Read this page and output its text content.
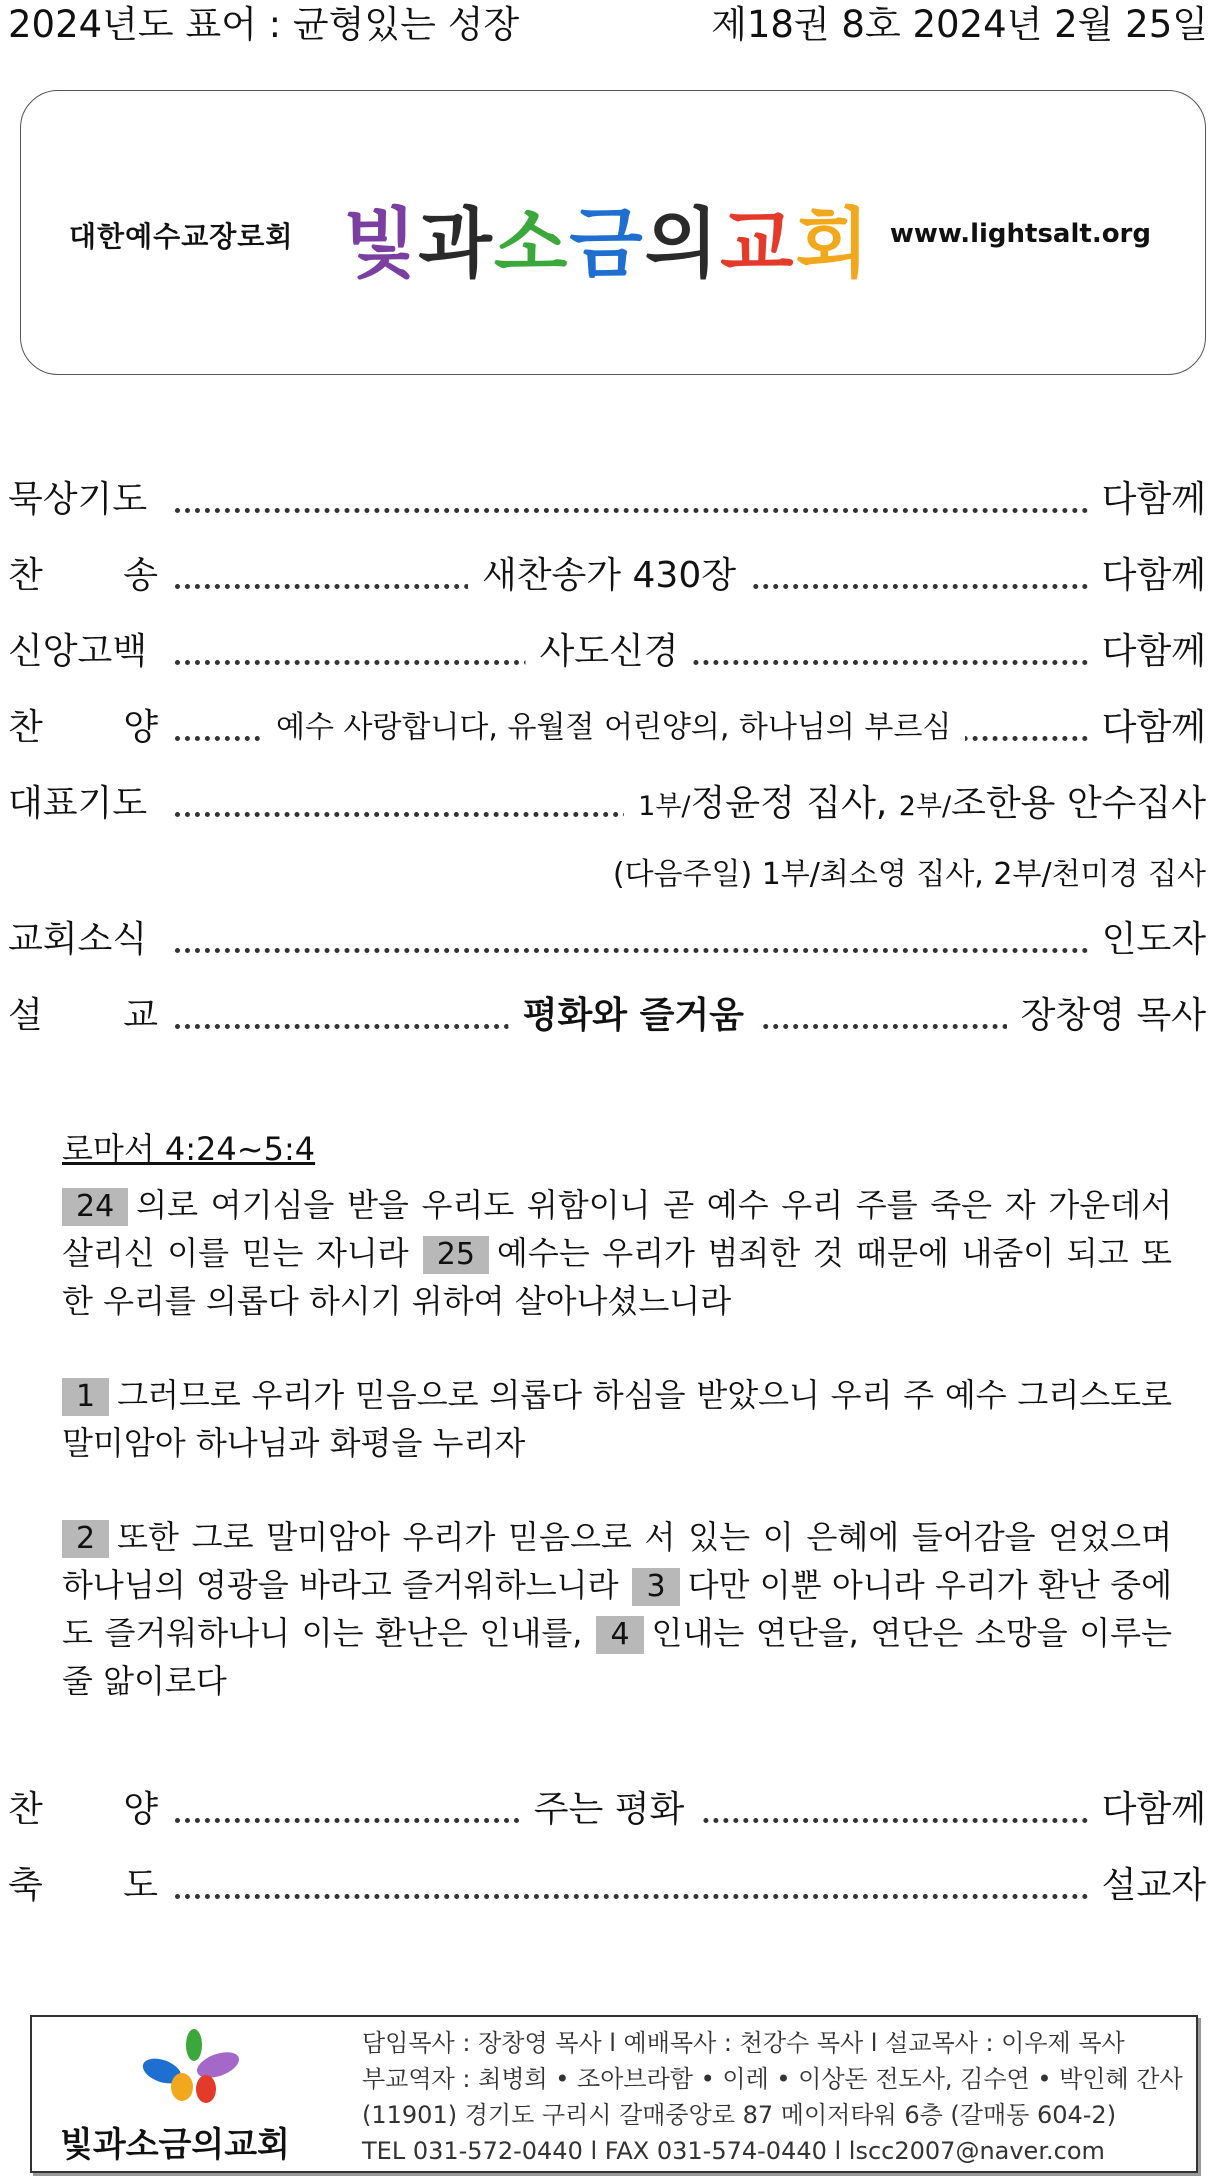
2024년도 표어 : 균형있는 성장	제18권 8호 2024년 2월 25일
대한예수교장로회 빛과소금의교회 www.lightsalt.org
묵상기도	다함께
찬 송	새찬송가 430장	다함께
신앙고백	사도신경	다함께
찬 양	예수 사랑합니다, 유월절 어린양의, 하나님의 부르심	다함께
대표기도	1부/정윤정 집사, 2부/조한용 안수집사
(다음주일) 1부/최소영 집사, 2부/천미경 집사
교회소식	인도자
설 교	평화와 즐거움	장창영 목사
로마서 4:24~5:4

24 의로 여기심을 받을 우리도 위함이니 곧 예수 우리 주를 죽은 자 가운데서 살리신 이를 믿는 자니라 25 예수는 우리가 범죄한 것 때문에 내줌이 되고 또한 우리를 의롭다 하시기 위하여 살아나셨느니라

1 그러므로 우리가 믿음으로 의롭다 하심을 받았으니 우리 주 예수 그리스도로 말미암아 하나님과 화평을 누리자

2 또한 그로 말미암아 우리가 믿음으로 서 있는 이 은혜에 들어감을 얻었으며 하나님의 영광을 바라고 즐거워하느니라 3 다만 이뿐 아니라 우리가 환난 중에도 즐거워하나니 이는 환난은 인내를, 4 인내는 연단을, 연단은 소망을 이루는 줄 앎이로다

찬 양	주는 평화	다함께
축 도	설교자
빛과소금의교회
담임목사 : 장창영 목사 l 예배목사 : 천강수 목사 l 설교목사 : 이우제 목사
부교역자 : 최병희 • 조아브라함 • 이레 • 이상돈 전도사, 김수연 • 박인혜 간사
(11901) 경기도 구리시 갈매중앙로 87 메이저타워 6층 (갈매동 604-2)
TEL 031-572-0440 l FAX 031-574-0440 l lscc2007@naver.com
